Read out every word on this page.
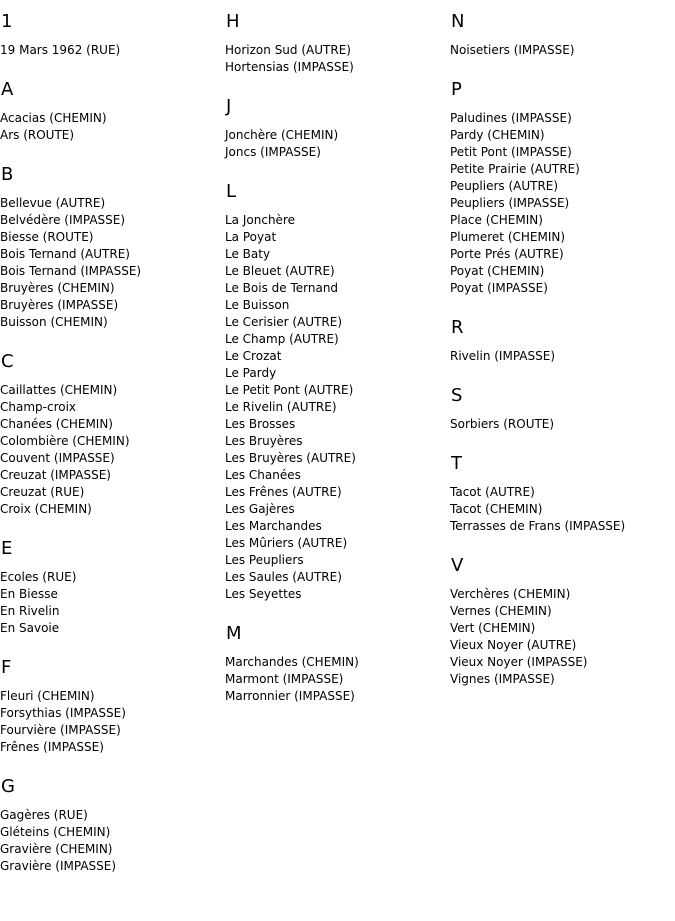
1
19 Mars 1962 (RUE)
A
Acacias (CHEMIN)
Ars (ROUTE)
B
Bellevue (AUTRE)
Belvédère (IMPASSE)
Biesse (ROUTE)
Bois Ternand (AUTRE)
Bois Ternand (IMPASSE)
Bruyères (CHEMIN)
Bruyères (IMPASSE)
Buisson (CHEMIN)
C
Caillattes (CHEMIN)
Champ-croix
Chanées (CHEMIN)
Colombière (CHEMIN)
Couvent (IMPASSE)
Creuzat (IMPASSE)
Creuzat (RUE)
Croix (CHEMIN)
E
Ecoles (RUE)
En Biesse
En Rivelin
En Savoie
F
Fleuri (CHEMIN)
Forsythias (IMPASSE)
Fourvière (IMPASSE)
Frênes (IMPASSE)
G
Gagères (RUE)
Gléteins (CHEMIN)
Gravière (CHEMIN)
Gravière (IMPASSE)
H
Horizon Sud (AUTRE)
Hortensias (IMPASSE)
J
Jonchère (CHEMIN)
Joncs (IMPASSE)
L
La Jonchère
La Poyat
Le Baty
Le Bleuet (AUTRE)
Le Bois de Ternand
Le Buisson
Le Cerisier (AUTRE)
Le Champ (AUTRE)
Le Crozat
Le Pardy
Le Petit Pont (AUTRE)
Le Rivelin (AUTRE)
Les Brosses
Les Bruyères
Les Bruyères (AUTRE)
Les Chanées
Les Frênes (AUTRE)
Les Gajères
Les Marchandes
Les Mûriers (AUTRE)
Les Peupliers
Les Saules (AUTRE)
Les Seyettes
M
Marchandes (CHEMIN)
Marmont (IMPASSE)
Marronnier (IMPASSE)
N
Noisetiers (IMPASSE)
P
Paludines (IMPASSE)
Pardy (CHEMIN)
Petit Pont (IMPASSE)
Petite Prairie (AUTRE)
Peupliers (AUTRE)
Peupliers (IMPASSE)
Place (CHEMIN)
Plumeret (CHEMIN)
Porte Prés (AUTRE)
Poyat (CHEMIN)
Poyat (IMPASSE)
R
Rivelin (IMPASSE)
S
Sorbiers (ROUTE)
T
Tacot (AUTRE)
Tacot (CHEMIN)
Terrasses de Frans (IMPASSE)
V
Verchères (CHEMIN)
Vernes (CHEMIN)
Vert (CHEMIN)
Vieux Noyer (AUTRE)
Vieux Noyer (IMPASSE)
Vignes (IMPASSE)
